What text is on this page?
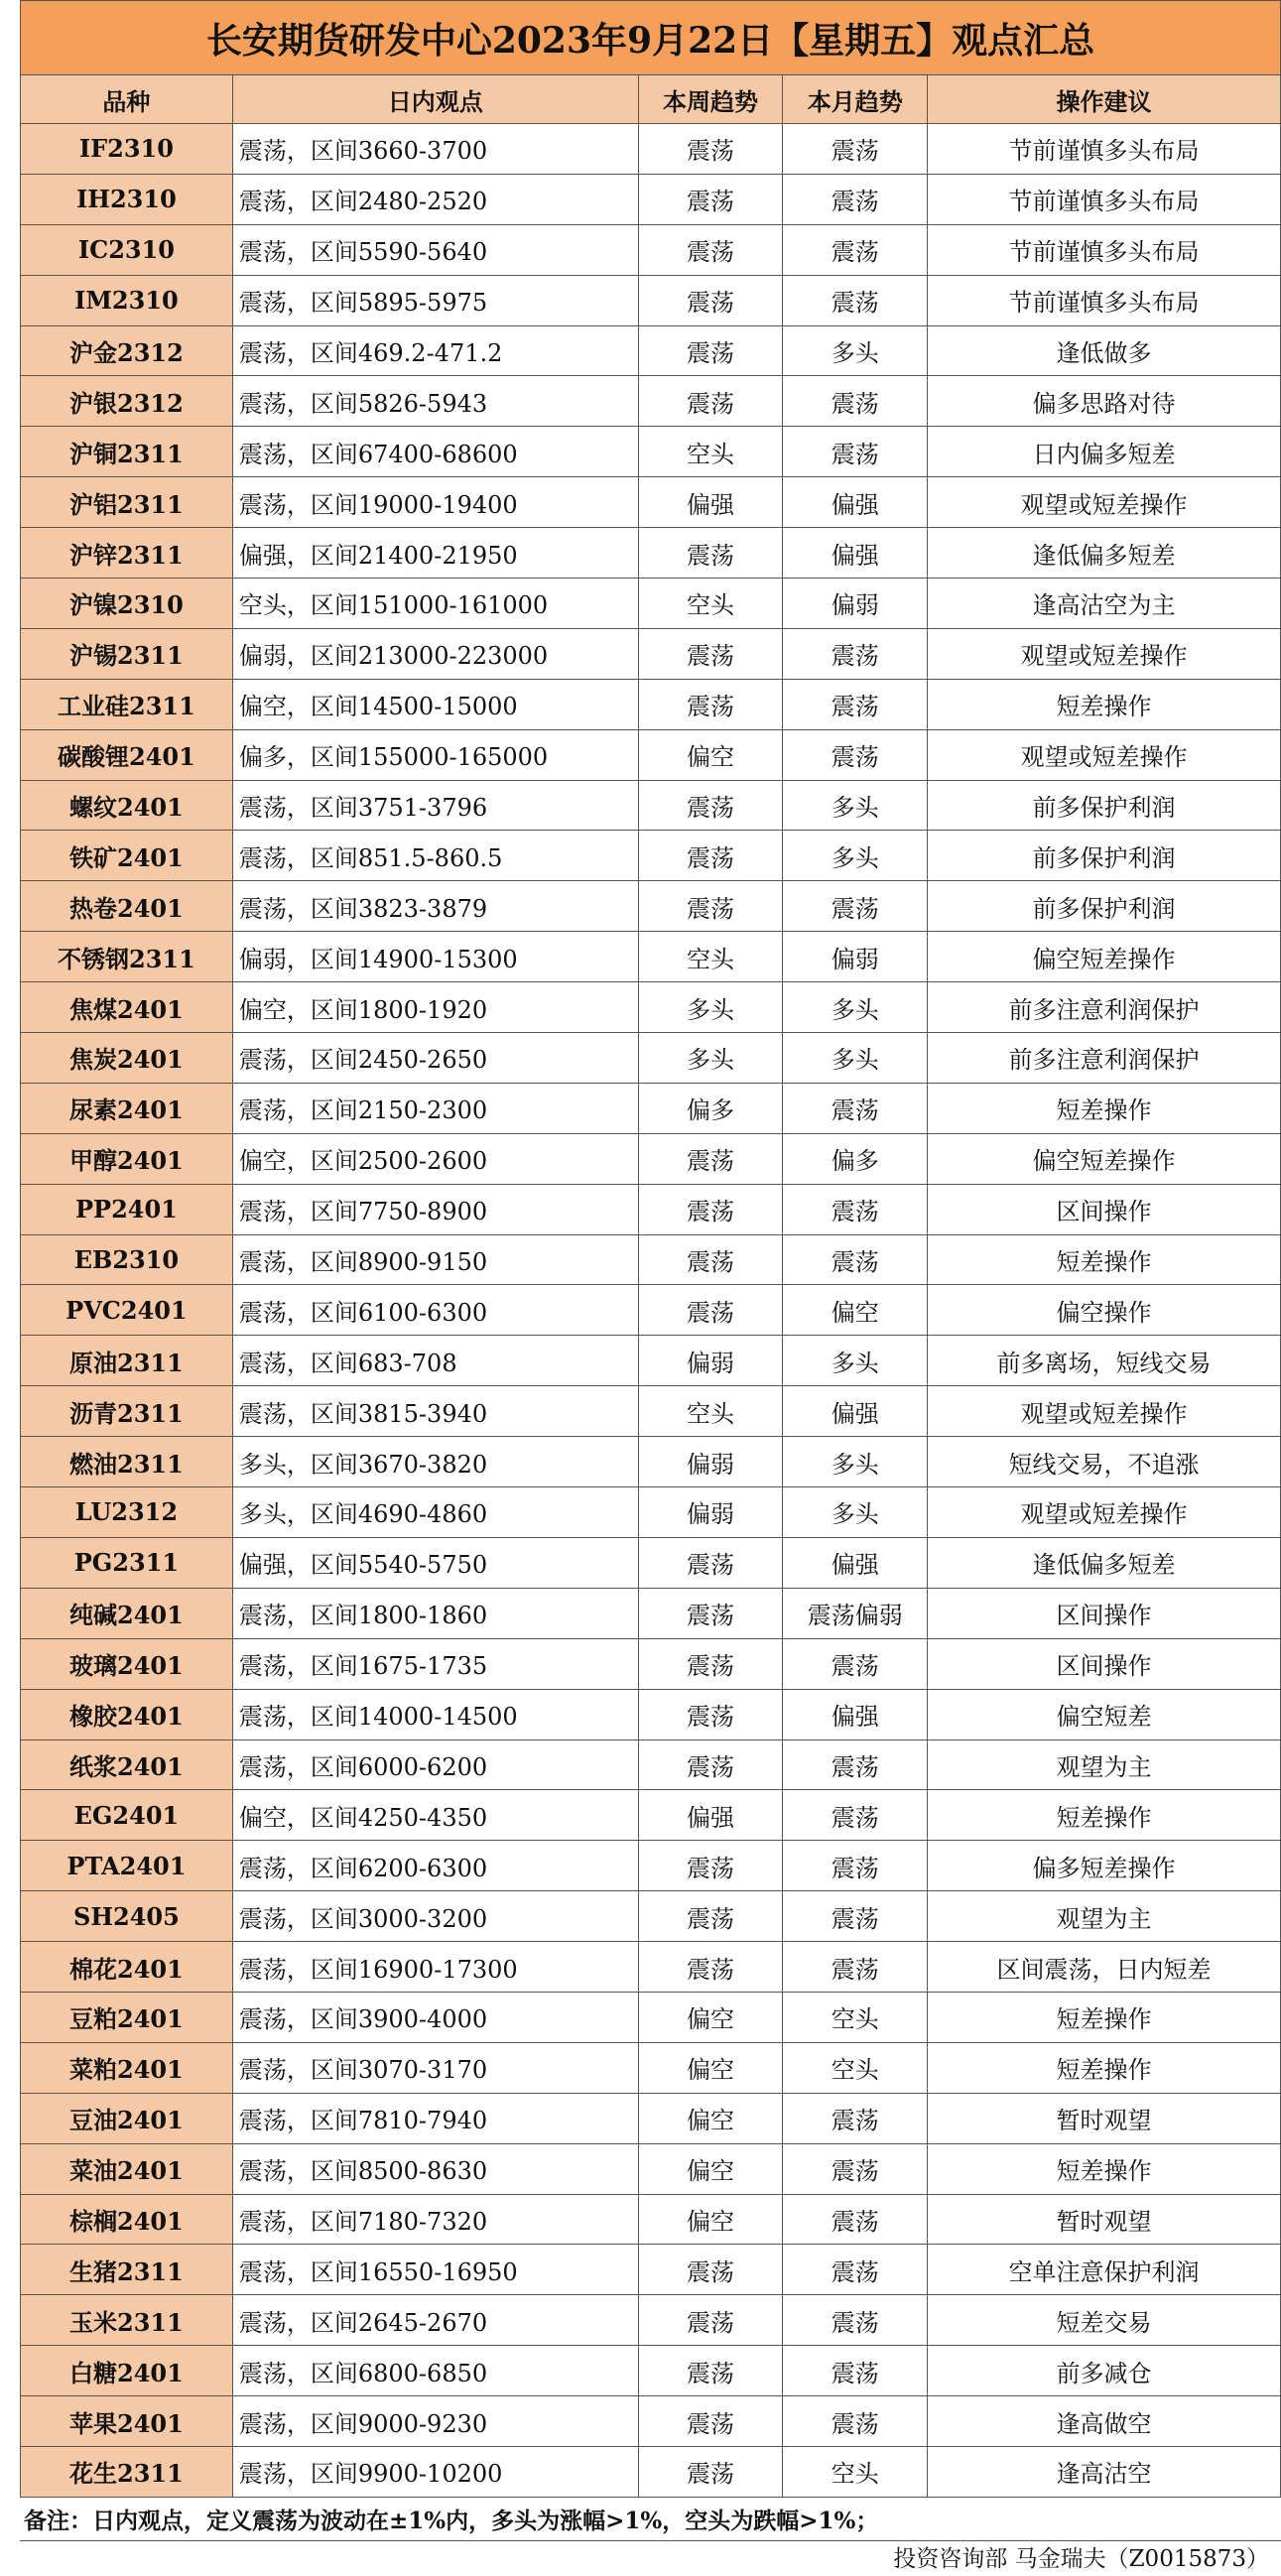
长安期货研发中心2023年9月22日【星期五】观点汇总				
品种	日内观点	本周趋势	本月趋势	操作建议
IF2310	震荡，区间3660-3700	震荡	震荡	节前谨慎多头布局
IH2310	震荡，区间2480-2520	震荡	震荡	节前谨慎多头布局
IC2310	震荡，区间5590-5640	震荡	震荡	节前谨慎多头布局
IM2310	震荡，区间5895-5975	震荡	震荡	节前谨慎多头布局
沪金2312	震荡，区间469.2-471.2	震荡	多头	逢低做多
沪银2312	震荡，区间5826-5943	震荡	震荡	偏多思路对待
沪铜2311	震荡，区间67400-68600	空头	震荡	日内偏多短差
沪铝2311	震荡，区间19000-19400	偏强	偏强	观望或短差操作
沪锌2311	偏强，区间21400-21950	震荡	偏强	逢低偏多短差
沪镍2310	空头，区间151000-161000	空头	偏弱	逢高沽空为主
沪锡2311	偏弱，区间213000-223000	震荡	震荡	观望或短差操作
工业硅2311	偏空，区间14500-15000	震荡	震荡	短差操作
碳酸锂2401	偏多，区间155000-165000	偏空	震荡	观望或短差操作
螺纹2401	震荡，区间3751-3796	震荡	多头	前多保护利润
铁矿2401	震荡，区间851.5-860.5	震荡	多头	前多保护利润
热卷2401	震荡，区间3823-3879	震荡	震荡	前多保护利润
不锈钢2311	偏弱，区间14900-15300	空头	偏弱	偏空短差操作
焦煤2401	偏空，区间1800-1920	多头	多头	前多注意利润保护
焦炭2401	震荡，区间2450-2650	多头	多头	前多注意利润保护
尿素2401	震荡，区间2150-2300	偏多	震荡	短差操作
甲醇2401	偏空，区间2500-2600	震荡	偏多	偏空短差操作
PP2401	震荡，区间7750-8900	震荡	震荡	区间操作
EB2310	震荡，区间8900-9150	震荡	震荡	短差操作
PVC2401	震荡，区间6100-6300	震荡	偏空	偏空操作
原油2311	震荡，区间683-708	偏弱	多头	前多离场，短线交易
沥青2311	震荡，区间3815-3940	空头	偏强	观望或短差操作
燃油2311	多头，区间3670-3820	偏弱	多头	短线交易，不追涨
LU2312	多头，区间4690-4860	偏弱	多头	观望或短差操作
PG2311	偏强，区间5540-5750	震荡	偏强	逢低偏多短差
纯碱2401	震荡，区间1800-1860	震荡	震荡偏弱	区间操作
玻璃2401	震荡，区间1675-1735	震荡	震荡	区间操作
橡胶2401	震荡，区间14000-14500	震荡	偏强	偏空短差
纸浆2401	震荡，区间6000-6200	震荡	震荡	观望为主
EG2401	偏空，区间4250-4350	偏强	震荡	短差操作
PTA2401	震荡，区间6200-6300	震荡	震荡	偏多短差操作
SH2405	震荡，区间3000-3200	震荡	震荡	观望为主
棉花2401	震荡，区间16900-17300	震荡	震荡	区间震荡，日内短差
豆粕2401	震荡，区间3900-4000	偏空	空头	短差操作
菜粕2401	震荡，区间3070-3170	偏空	空头	短差操作
豆油2401	震荡，区间7810-7940	偏空	震荡	暂时观望
菜油2401	震荡，区间8500-8630	偏空	震荡	短差操作
棕榈2401	震荡，区间7180-7320	偏空	震荡	暂时观望
生猪2311	震荡，区间16550-16950	震荡	震荡	空单注意保护利润
玉米2311	震荡，区间2645-2670	震荡	震荡	短差交易
白糖2401	震荡，区间6800-6850	震荡	震荡	前多减仓
苹果2401	震荡，区间9000-9230	震荡	震荡	逢高做空
花生2311	震荡，区间9900-10200	震荡	空头	逢高沽空
备注：日内观点，定义震荡为波动在±1%内，多头为涨幅>1%，空头为跌幅>1%；
投资咨询部 马金瑞夫（Z0015873）
